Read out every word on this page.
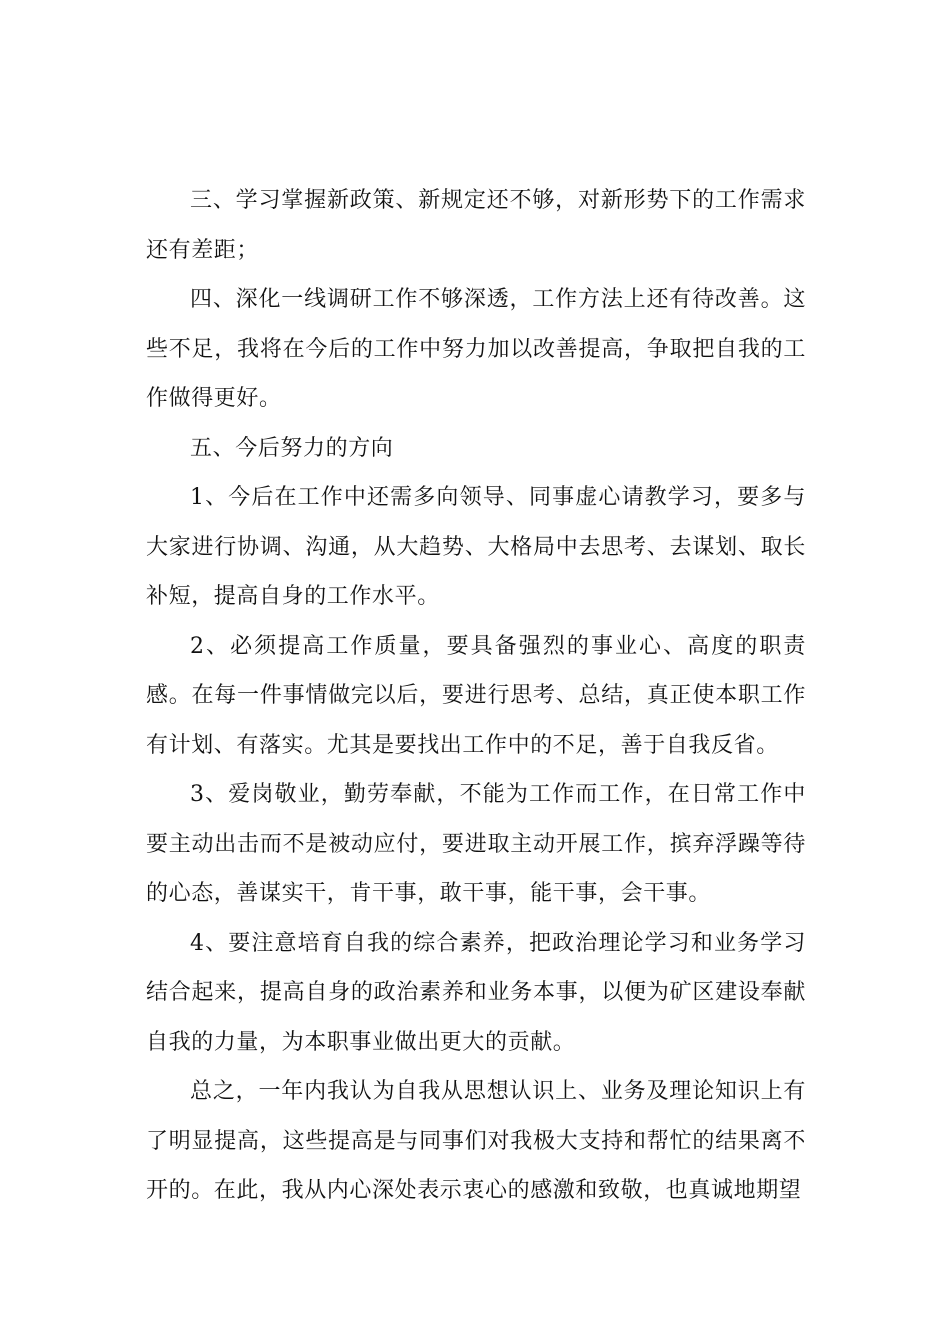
三、学习掌握新政策、新规定还不够，对新形势下的工作需求还有差距；

四、深化一线调研工作不够深透，工作方法上还有待改善。这些不足，我将在今后的工作中努力加以改善提高，争取把自我的工作做得更好。

五、今后努力的方向

1、今后在工作中还需多向领导、同事虚心请教学习，要多与大家进行协调、沟通，从大趋势、大格局中去思考、去谋划、取长补短，提高自身的工作水平。

2、必须提高工作质量，要具备强烈的事业心、高度的职责感。在每一件事情做完以后，要进行思考、总结，真正使本职工作有计划、有落实。尤其是要找出工作中的不足，善于自我反省。

3、爱岗敬业，勤劳奉献，不能为工作而工作，在日常工作中要主动出击而不是被动应付，要进取主动开展工作，摈弃浮躁等待的心态，善谋实干，肯干事，敢干事，能干事，会干事。

4、要注意培育自我的综合素养，把政治理论学习和业务学习结合起来，提高自身的政治素养和业务本事，以便为矿区建设奉献自我的力量，为本职事业做出更大的贡献。

总之，一年内我认为自我从思想认识上、业务及理论知识上有了明显提高，这些提高是与同事们对我极大支持和帮忙的结果离不开的。在此，我从内心深处表示衷心的感激和致敬，也真诚地期望
